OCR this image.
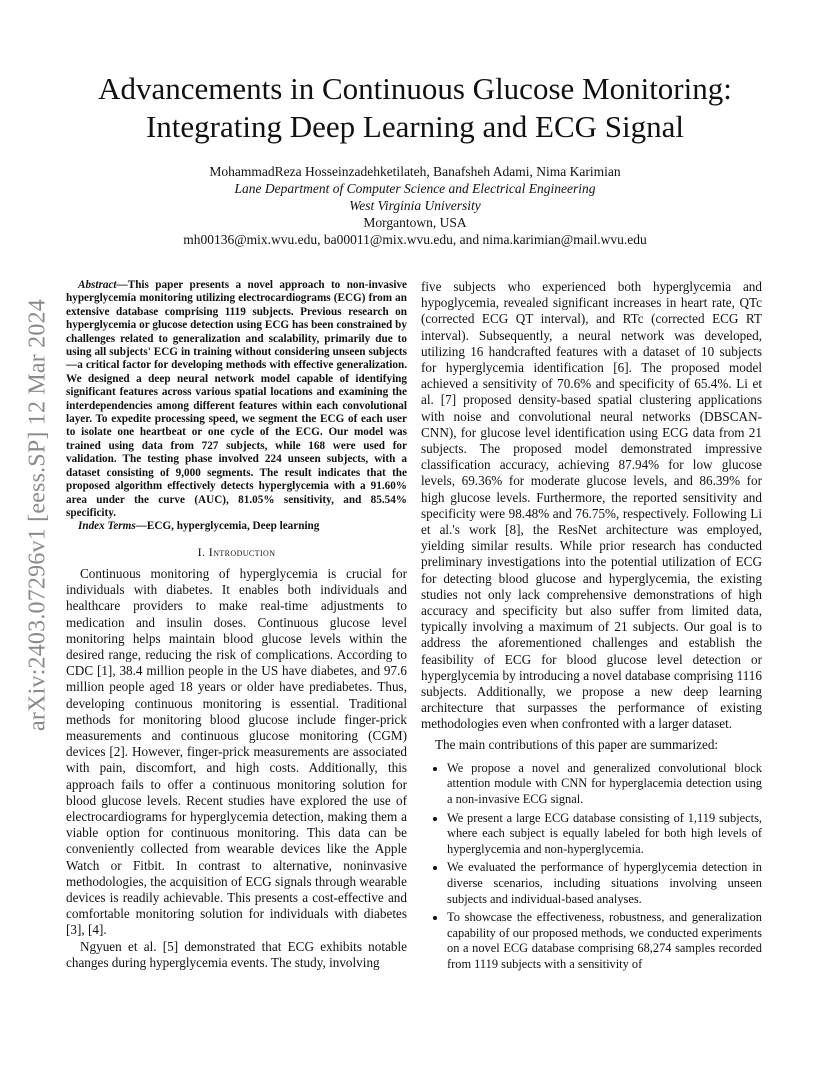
arXiv:2403.07296v1 [eess.SP] 12 Mar 2024
Advancements in Continuous Glucose Monitoring:
Integrating Deep Learning and ECG Signal
MohammadReza Hosseinzadehketilateh, Banafsheh Adami, Nima Karimian
Lane Department of Computer Science and Electrical Engineering
West Virginia University
Morgantown, USA
mh00136@mix.wvu.edu, ba00011@mix.wvu.edu, and nima.karimian@mail.wvu.edu

Abstract—This paper presents a novel approach to non-invasive hyperglycemia monitoring utilizing electrocardiograms (ECG) from an extensive database comprising 1119 subjects. Previous research on hyperglycemia or glucose detection using ECG has been constrained by challenges related to generalization and scalability, primarily due to using all subjects' ECG in training without considering unseen subjects—a critical factor for developing methods with effective generalization. We designed a deep neural network model capable of identifying significant features across various spatial locations and examining the interdependencies among different features within each convolutional layer. To expedite processing speed, we segment the ECG of each user to isolate one heartbeat or one cycle of the ECG. Our model was trained using data from 727 subjects, while 168 were used for validation. The testing phase involved 224 unseen subjects, with a dataset consisting of 9,000 segments. The result indicates that the proposed algorithm effectively detects hyperglycemia with a 91.60% area under the curve (AUC), 81.05% sensitivity, and 85.54% specificity.

Index Terms—ECG, hyperglycemia, Deep learning

I. Introduction

Continuous monitoring of hyperglycemia is crucial for individuals with diabetes. It enables both individuals and healthcare providers to make real-time adjustments to medication and insulin doses. Continuous glucose level monitoring helps maintain blood glucose levels within the desired range, reducing the risk of complications. According to CDC [1], 38.4 million people in the US have diabetes, and 97.6 million people aged 18 years or older have prediabetes. Thus, developing continuous monitoring is essential. Traditional methods for monitoring blood glucose include finger-prick measurements and continuous glucose monitoring (CGM) devices [2]. However, finger-prick measurements are associated with pain, discomfort, and high costs. Additionally, this approach fails to offer a continuous monitoring solution for blood glucose levels. Recent studies have explored the use of electrocardiograms for hyperglycemia detection, making them a viable option for continuous monitoring. This data can be conveniently collected from wearable devices like the Apple Watch or Fitbit. In contrast to alternative, noninvasive methodologies, the acquisition of ECG signals through wearable devices is readily achievable. This presents a cost-effective and comfortable monitoring solution for individuals with diabetes [3], [4].

Ngyuen et al. [5] demonstrated that ECG exhibits notable changes during hyperglycemia events. The study, involving

five subjects who experienced both hyperglycemia and hypoglycemia, revealed significant increases in heart rate, QTc (corrected ECG QT interval), and RTc (corrected ECG RT interval). Subsequently, a neural network was developed, utilizing 16 handcrafted features with a dataset of 10 subjects for hyperglycemia identification [6]. The proposed model achieved a sensitivity of 70.6% and specificity of 65.4%. Li et al. [7] proposed density-based spatial clustering applications with noise and convolutional neural networks (DBSCAN-CNN), for glucose level identification using ECG data from 21 subjects. The proposed model demonstrated impressive classification accuracy, achieving 87.94% for low glucose levels, 69.36% for moderate glucose levels, and 86.39% for high glucose levels. Furthermore, the reported sensitivity and specificity were 98.48% and 76.75%, respectively. Following Li et al.'s work [8], the ResNet architecture was employed, yielding similar results. While prior research has conducted preliminary investigations into the potential utilization of ECG for detecting blood glucose and hyperglycemia, the existing studies not only lack comprehensive demonstrations of high accuracy and specificity but also suffer from limited data, typically involving a maximum of 21 subjects. Our goal is to address the aforementioned challenges and establish the feasibility of ECG for blood glucose level detection or hyperglycemia by introducing a novel database comprising 1116 subjects. Additionally, we propose a new deep learning architecture that surpasses the performance of existing methodologies even when confronted with a larger dataset.

The main contributions of this paper are summarized:

• We propose a novel and generalized convolutional block attention module with CNN for hyperglacemia detection using a non-invasive ECG signal.
• We present a large ECG database consisting of 1,119 subjects, where each subject is equally labeled for both high levels of hyperglycemia and non-hyperglycemia.
• We evaluated the performance of hyperglycemia detection in diverse scenarios, including situations involving unseen subjects and individual-based analyses.
• To showcase the effectiveness, robustness, and generalization capability of our proposed methods, we conducted experiments on a novel ECG database comprising 68,274 samples recorded from 1119 subjects with a sensitivity of
